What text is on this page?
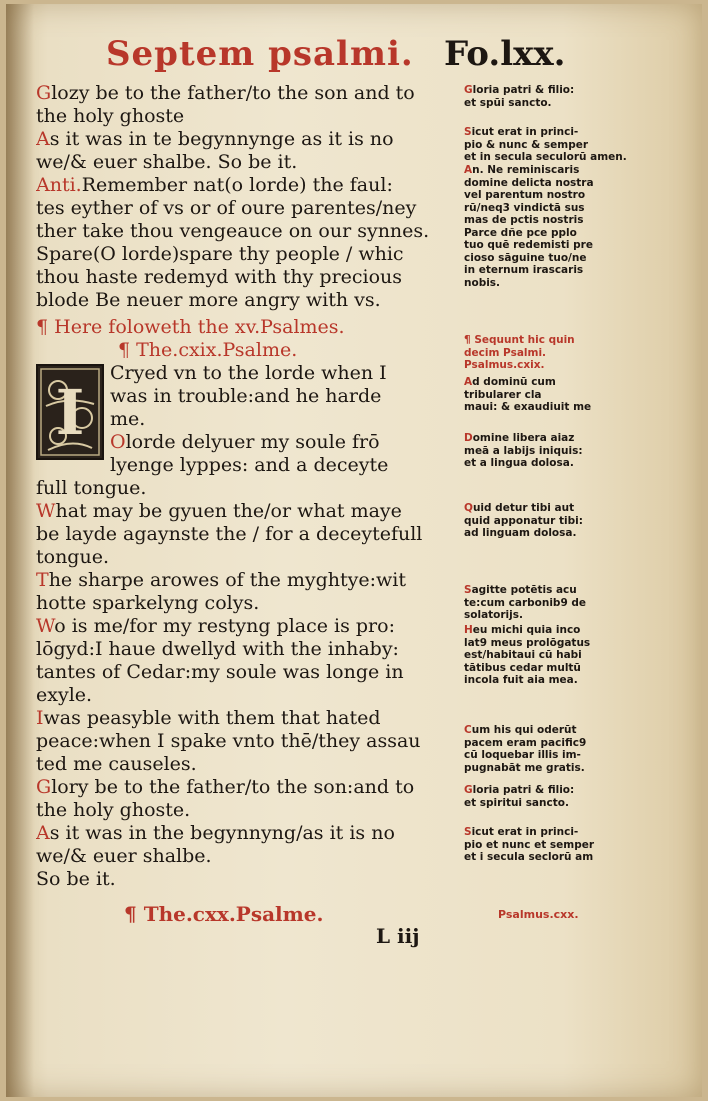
Septem psalmi. Fo.lxx.
Glozy be to the father/to the son and to
the holy ghoste
As it was in te begynnynge as it is no
we/& euer shalbe. So be it.
Anti.Remember nat(o lorde) the faul:
tes eyther of vs or of oure parentes/ney
ther take thou vengeauce on our synnes.
Spare(O lorde)spare thy people / whic
thou haste redemyd with thy precious
blode Be neuer more angry with vs.
¶ Here foloweth the xv.Psalmes.
¶ The.cxix.Psalme.
I
Cryed vn to the lorde when I
was in trouble:and he harde
me.
Olorde delyuer my soule frō
lyenge lyppes: and a deceyte
full tongue.
What may be gyuen the/or what maye
be layde agaynste the / for a deceytefull
tongue.
The sharpe arowes of the myghtye:wit
hotte sparkelyng colys.
Wo is me/for my restyng place is pro:
lōgyd:I haue dwellyd with the inhaby:
tantes of Cedar:my soule was longe in
exyle.
Iwas peasyble with them that hated
peace:when I spake vnto thē/they assau
ted me causeles.
Glory be to the father/to the son:and to
the holy ghoste.
As it was in the begynnyng/as it is no
we/& euer shalbe.
So be it.
¶ The.cxx.Psalme.	Psalmus.cxx.
L iij
Gloria patri & filio:
et spūi sancto.
Sicut erat in princi-
pio & nunc & semper
et in secula seculorū amen.
An. Ne reminiscaris
domine delicta nostra
vel parentum nostro
rū/neq3 vindictā sus
mas de pctis nostris
Parce dñe pce pplo
tuo quē redemisti pre
cioso sāguine tuo/ne
in eternum irascaris
nobis.
¶ Sequunt hic quin
decim Psalmi.
Psalmus.cxix.
Ad dominū cum
tribularer cla
maui: & exaudiuit me
Domine libera aiaz
meā a labijs iniquis:
et a lingua dolosa.
Quid detur tibi aut
quid apponatur tibi:
ad linguam dolosa.
Sagitte potētis acu
te:cum carbonib9 de
solatorijs.
Heu michi quia inco
lat9 meus prolōgatus
est/habitaui cū habi
tātibus cedar multū
incola fuit aia mea.
Cum his qui oderūt
pacem eram pacific9
cū loquebar illis im-
pugnabāt me gratis.
Gloria patri & filio:
et spiritui sancto.
Sicut erat in princi-
pio et nunc et semper
et i secula seclorū am
